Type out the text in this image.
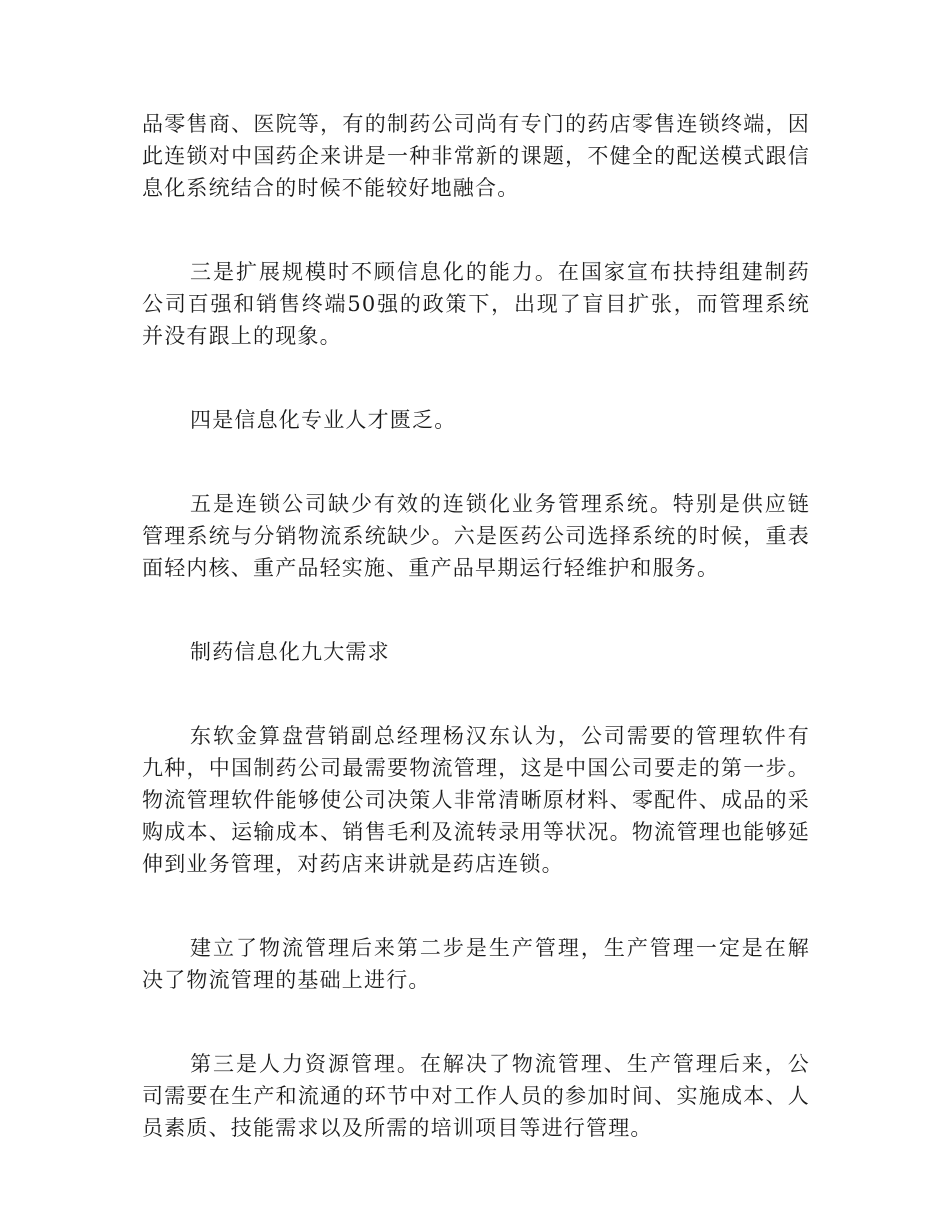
品零售商、医院等，有的制药公司尚有专门的药店零售连锁终端，因此连锁对中国药企来讲是一种非常新的课题，不健全的配送模式跟信息化系统结合的时候不能较好地融合。

三是扩展规模时不顾信息化的能力。在国家宣布扶持组建制药公司百强和销售终端50强的政策下，出现了盲目扩张，而管理系统并没有跟上的现象。

四是信息化专业人才匮乏。

五是连锁公司缺少有效的连锁化业务管理系统。特别是供应链管理系统与分销物流系统缺少。六是医药公司选择系统的时候，重表面轻内核、重产品轻实施、重产品早期运行轻维护和服务。

制药信息化九大需求

东软金算盘营销副总经理杨汉东认为，公司需要的管理软件有九种，中国制药公司最需要物流管理，这是中国公司要走的第一步。物流管理软件能够使公司决策人非常清晰原材料、零配件、成品的采购成本、运输成本、销售毛利及流转录用等状况。物流管理也能够延伸到业务管理，对药店来讲就是药店连锁。

建立了物流管理后来第二步是生产管理，生产管理一定是在解决了物流管理的基础上进行。

第三是人力资源管理。在解决了物流管理、生产管理后来，公司需要在生产和流通的环节中对工作人员的参加时间、实施成本、人员素质、技能需求以及所需的培训项目等进行管理。
